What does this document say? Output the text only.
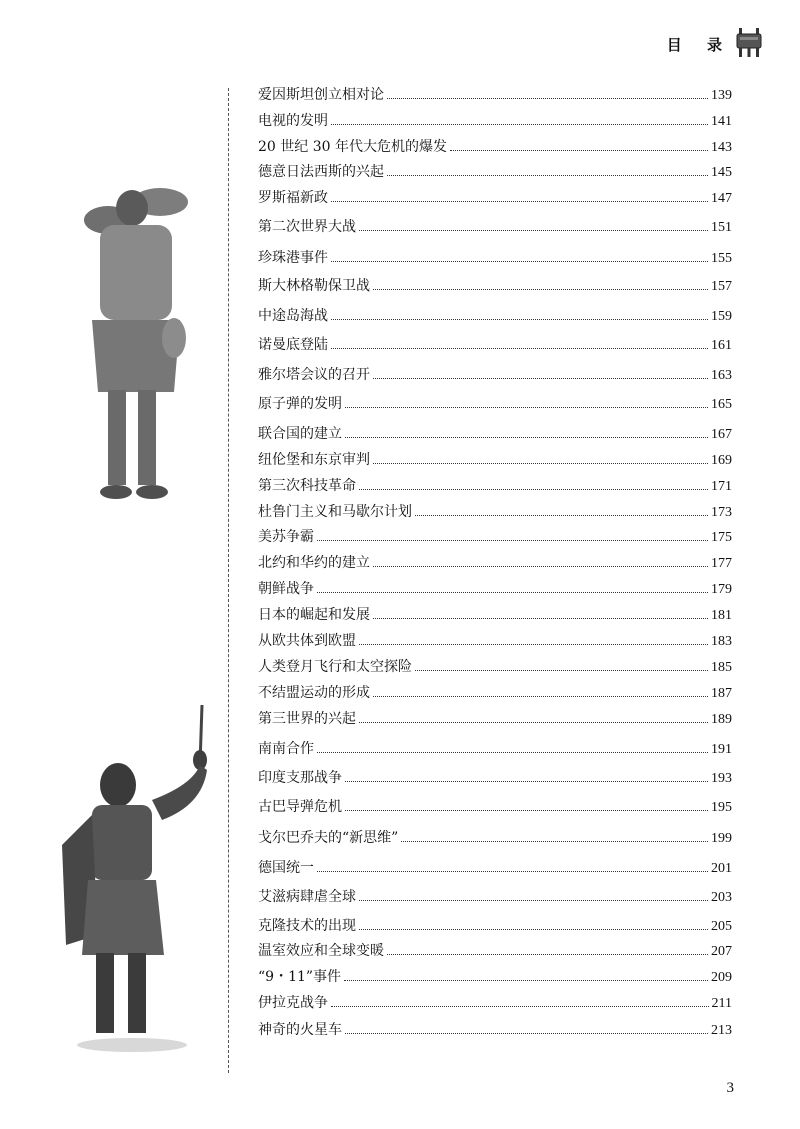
目 录
爱因斯坦创立相对论	139
电视的发明	141
20 世纪 30 年代大危机的爆发	143
德意日法西斯的兴起	145
罗斯福新政	147
第二次世界大战	151
珍珠港事件	155
斯大林格勒保卫战	157
中途岛海战	159
诺曼底登陆	161
雅尔塔会议的召开	163
原子弹的发明	165
联合国的建立	167
纽伦堡和东京审判	169
第三次科技革命	171
杜鲁门主义和马歇尔计划	173
美苏争霸	175
北约和华约的建立	177
朝鲜战争	179
日本的崛起和发展	181
从欧共体到欧盟	183
人类登月飞行和太空探险	185
不结盟运动的形成	187
第三世界的兴起	189
南南合作	191
印度支那战争	193
古巴导弹危机	195
戈尔巴乔夫的“新思维”	199
德国统一	201
艾滋病肆虐全球	203
克隆技术的出现	205
温室效应和全球变暖	207
“9・11”事件	209
伊拉克战争	211
神奇的火星车	213
3
